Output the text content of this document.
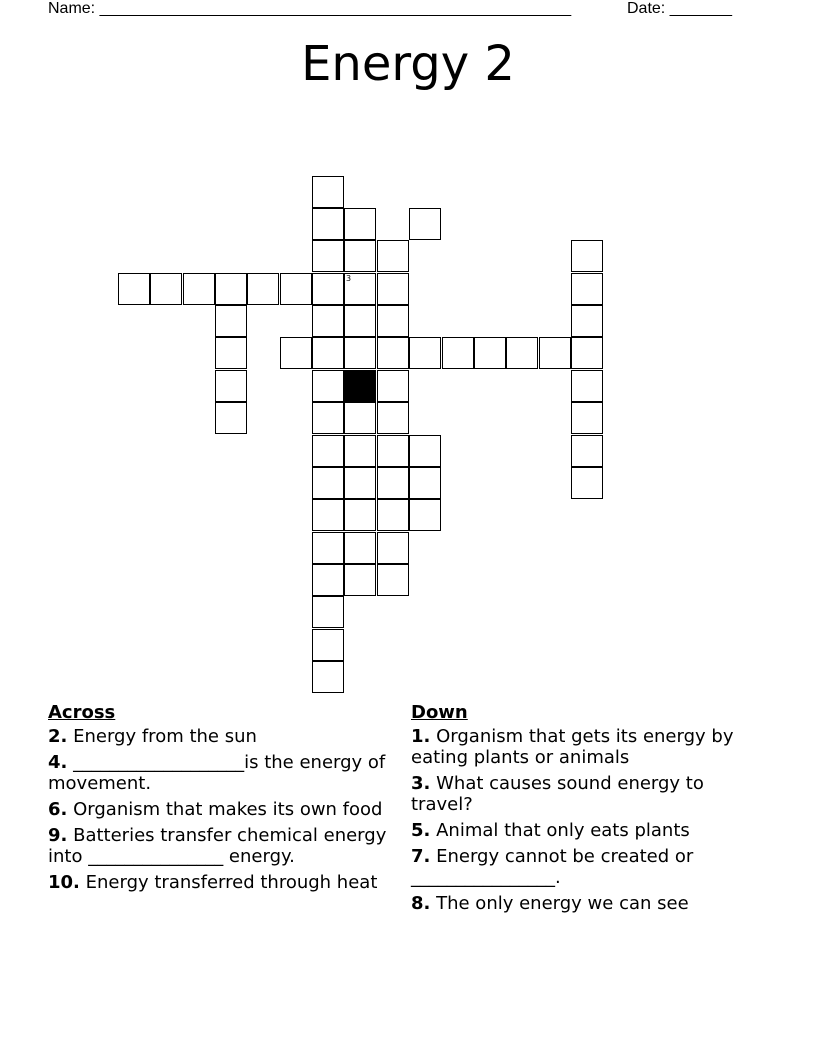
Name: _____________________________________________________	Date: _______
Energy 2
3
Across
2. Energy from the sun
4. ___________________is the energy of movement.
6. Organism that makes its own food
9. Batteries transfer chemical energy into _______________ energy.
10. Energy transferred through heat
Down
1. Organism that gets its energy by eating plants or animals
3. What causes sound energy to travel?
5. Animal that only eats plants
7. Energy cannot be created or ________________.
8. The only energy we can see
